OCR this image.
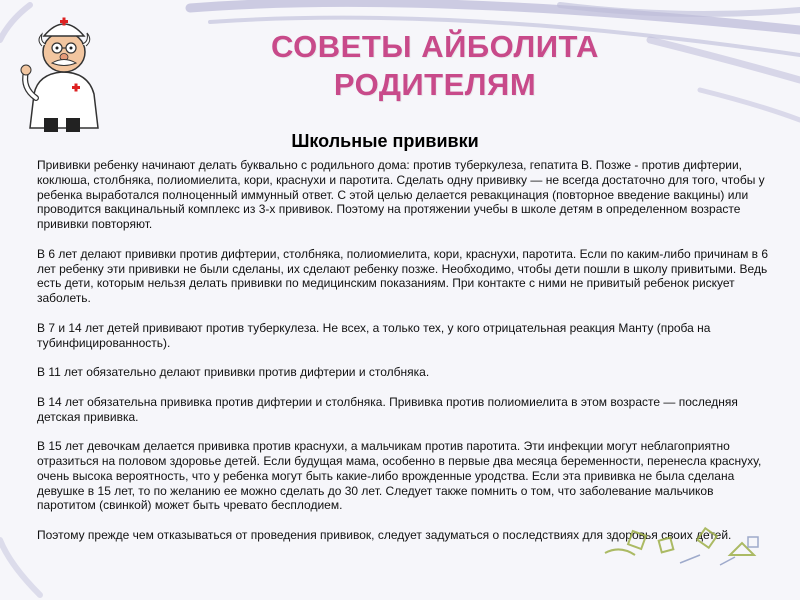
СОВЕТЫ АЙБОЛИТА
РОДИТЕЛЯМ
Школьные прививки

Прививки ребенку начинают делать буквально с родильного дома: против туберкулеза, гепатита В. Позже - против дифтерии, коклюша, столбняка, полиомиелита, кори, краснухи и паротита. Сделать одну прививку — не всегда достаточно для того, чтобы у ребенка выработался полноценный иммунный ответ. С этой целью делается ревакцинация (повторное введение вакцины) или проводится вакцинальный комплекс из 3-х прививок. Поэтому на протяжении учебы в школе детям в определенном возрасте прививки повторяют.

В 6 лет делают прививки против дифтерии, столбняка, полиомиелита, кори, краснухи, паротита. Если по каким-либо причинам в 6 лет ребенку эти прививки не были сделаны, их сделают ребенку позже. Необходимо, чтобы дети пошли в школу привитыми. Ведь есть дети, которым нельзя делать прививки по медицинским показаниям. При контакте с ними не привитый ребенок рискует заболеть.

В 7 и 14 лет детей прививают против туберкулеза. Не всех, а только тех, у кого отрицательная реакция Манту (проба на тубинфицированность).

В 11 лет обязательно делают прививки против дифтерии и столбняка.

В 14 лет обязательна прививка против дифтерии и столбняка. Прививка против полиомиелита в этом возрасте — последняя детская прививка.

В 15 лет девочкам делается прививка против краснухи, а мальчикам против паротита. Эти инфекции могут неблагоприятно отразиться на половом здоровье детей. Если будущая мама, особенно в первые два месяца беременности, перенесла краснуху, очень высока вероятность, что у ребенка могут быть какие-либо врожденные уродства. Если эта прививка не была сделана девушке в 15 лет, то по желанию ее можно сделать до 30 лет. Следует также помнить о том, что заболевание мальчиков паротитом (свинкой) может быть чревато бесплодием.

Поэтому прежде чем отказываться от проведения прививок, следует задуматься о последствиях для здоровья своих детей.
